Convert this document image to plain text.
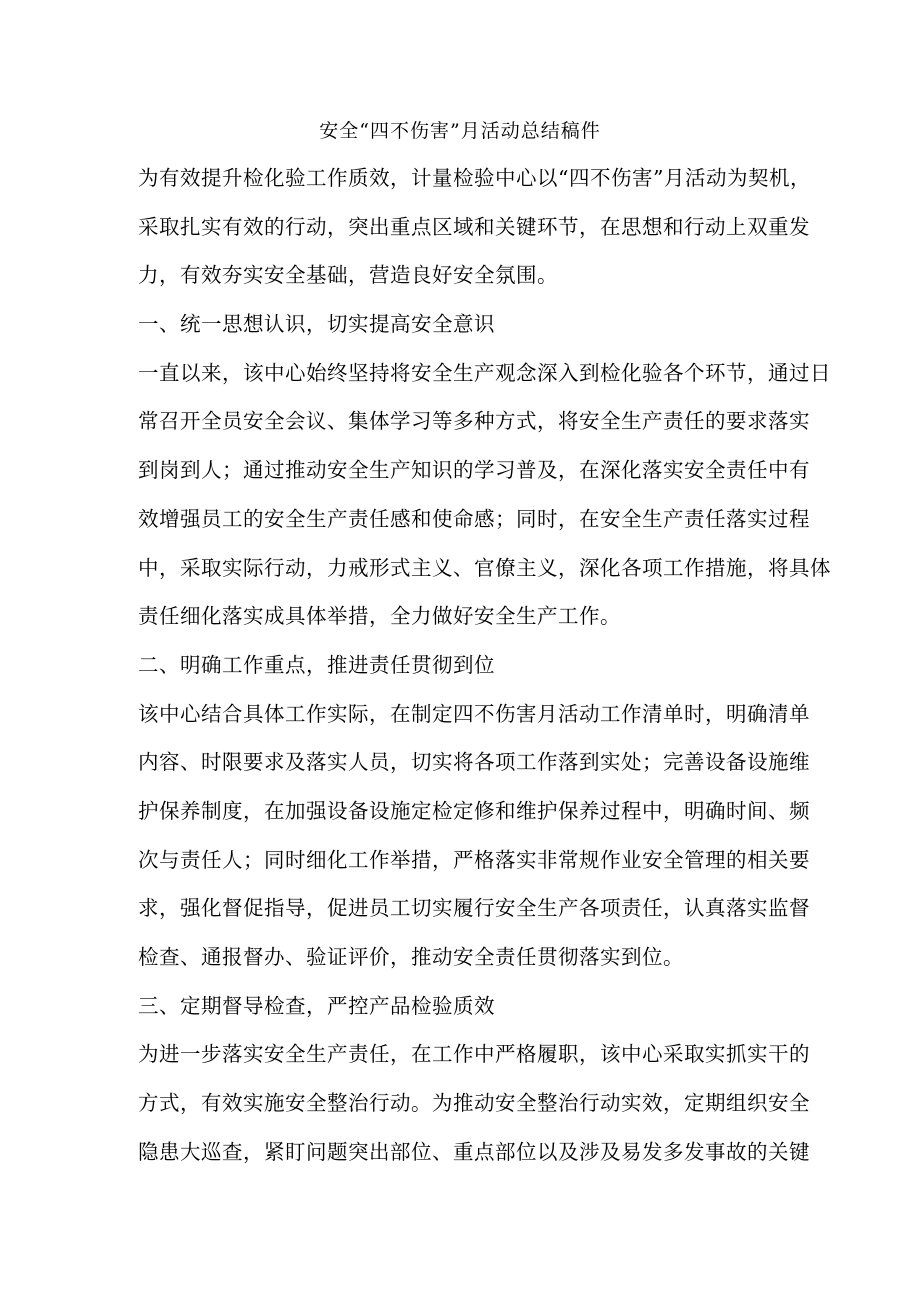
安全“四不伤害”月活动总结稿件
为有效提升检化验工作质效，计量检验中心以“四不伤害”月活动为契机，
采取扎实有效的行动，突出重点区域和关键环节，在思想和行动上双重发
力，有效夯实安全基础，营造良好安全氛围。
一、统一思想认识，切实提高安全意识
一直以来，该中心始终坚持将安全生产观念深入到检化验各个环节，通过日
常召开全员安全会议、集体学习等多种方式，将安全生产责任的要求落实
到岗到人；通过推动安全生产知识的学习普及，在深化落实安全责任中有
效增强员工的安全生产责任感和使命感；同时，在安全生产责任落实过程
中，采取实际行动，力戒形式主义、官僚主义，深化各项工作措施，将具体
责任细化落实成具体举措，全力做好安全生产工作。
二、明确工作重点，推进责任贯彻到位
该中心结合具体工作实际，在制定四不伤害月活动工作清单时，明确清单
内容、时限要求及落实人员，切实将各项工作落到实处；完善设备设施维
护保养制度，在加强设备设施定检定修和维护保养过程中，明确时间、频
次与责任人；同时细化工作举措，严格落实非常规作业安全管理的相关要
求，强化督促指导，促进员工切实履行安全生产各项责任，认真落实监督
检查、通报督办、验证评价，推动安全责任贯彻落实到位。
三、定期督导检查，严控产品检验质效
为进一步落实安全生产责任，在工作中严格履职，该中心采取实抓实干的
方式，有效实施安全整治行动。为推动安全整治行动实效，定期组织安全
隐患大巡查，紧盯问题突出部位、重点部位以及涉及易发多发事故的关键
